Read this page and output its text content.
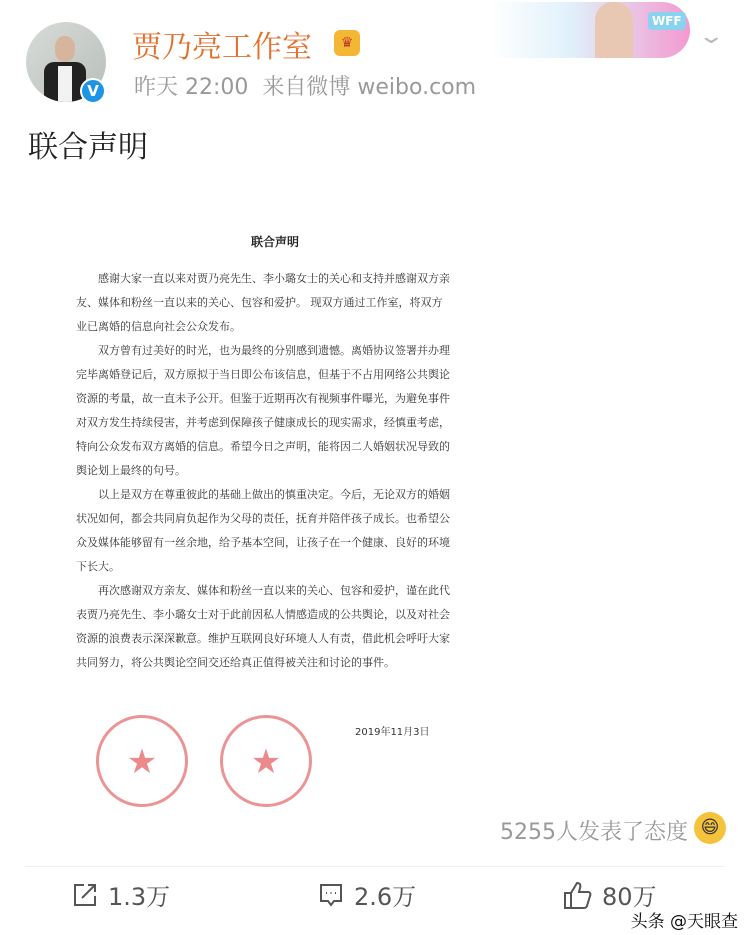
V
贾乃亮工作室	♛
昨天 22:00 来自微博 weibo.com
WFF
⌄
联合声明
联合声明

感谢大家一直以来对贾乃亮先生、李小璐女士的关心和支持并感谢双方亲友、媒体和粉丝一直以来的关心、包容和爱护。 现双方通过工作室，将双方业已离婚的信息向社会公众发布。

双方曾有过美好的时光，也为最终的分别感到遗憾。离婚协议签署并办理完毕离婚登记后，双方原拟于当日即公布该信息，但基于不占用网络公共舆论资源的考量，故一直未予公开。但鉴于近期再次有视频事件曝光，为避免事件对双方发生持续侵害，并考虑到保障孩子健康成长的现实需求，经慎重考虑，特向公众发布双方离婚的信息。希望今日之声明，能将因二人婚姻状况导致的舆论划上最终的句号。

以上是双方在尊重彼此的基础上做出的慎重决定。今后，无论双方的婚姻状况如何，都会共同肩负起作为父母的责任，抚育并陪伴孩子成长。也希望公众及媒体能够留有一丝余地，给予基本空间，让孩子在一个健康、良好的环境下长大。

再次感谢双方亲友、媒体和粉丝一直以来的关心、包容和爱护，谨在此代表贾乃亮先生、李小璐女士对于此前因私人情感造成的公共舆论，以及对社会资源的浪费表示深深歉意。维护互联网良好环境人人有责，借此机会呼吁大家共同努力，将公共舆论空间交还给真正值得被关注和讨论的事件。

2019年11月3日
★	★
5255人发表了态度 😄
1.3万	2.6万	80万
头条 @天眼查
